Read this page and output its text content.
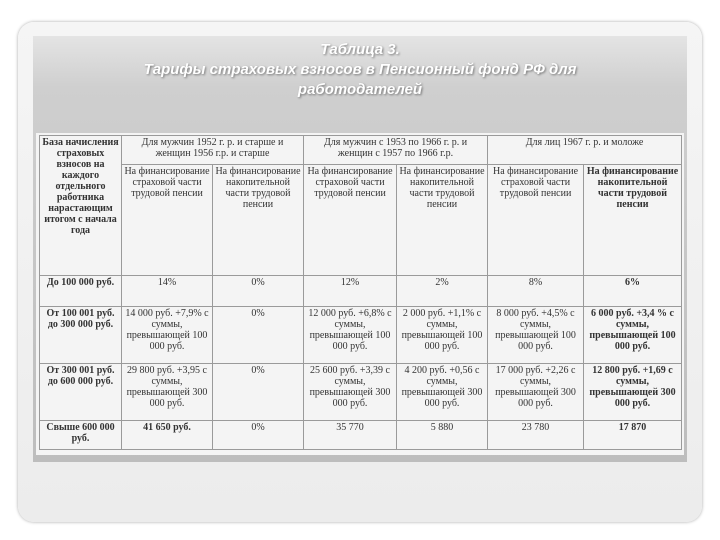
Таблица 3.
Тарифы страховых взносов в Пенсионный фонд РФ для
работодателей
База начисления страховых взносов на каждого отдельного работника нарастающим итогом с начала года	Для мужчин 1952 г. р. и старше и женщин 1956 г.р. и старше		Для мужчин с 1953 по 1966 г. р. и женщин с 1957 по 1966 г.р.		Для лиц 1967 г. р. и моложе	
	На финансирование страховой части трудовой пенсии	На финансирование накопительной части трудовой пенсии	На финансирование страховой части трудовой пенсии	На финансирование накопительной части трудовой пенсии	На финансирование страховой части трудовой пенсии	На финансирование накопительной части трудовой пенсии
До 100 000 руб.	14%	0%	12%	2%	8%	6%
От 100 001 руб. до 300 000 руб.	14 000 руб. +7,9% с суммы, превышающей 100 000 руб.	0%	12 000 руб. +6,8% с суммы, превышающей 100 000 руб.	2 000 руб. +1,1% с суммы, превышающей 100 000 руб.	8 000 руб. +4,5% с суммы, превышающей 100 000 руб.	6 000 руб. +3,4 % с суммы, превышающей 100 000 руб.
От 300 001 руб. до 600 000 руб.	29 800 руб. +3,95 с суммы, превышающей 300 000 руб.	0%	25 600 руб. +3,39 с суммы, превышающей 300 000 руб.	4 200 руб. +0,56 с суммы, превышающей 300 000 руб.	17 000 руб. +2,26 с суммы, превышающей 300 000 руб.	12 800 руб. +1,69 с суммы, превышающей 300 000 руб.
Свыше 600 000 руб.	41 650 руб.	0%	35 770	5 880	23 780	17 870
